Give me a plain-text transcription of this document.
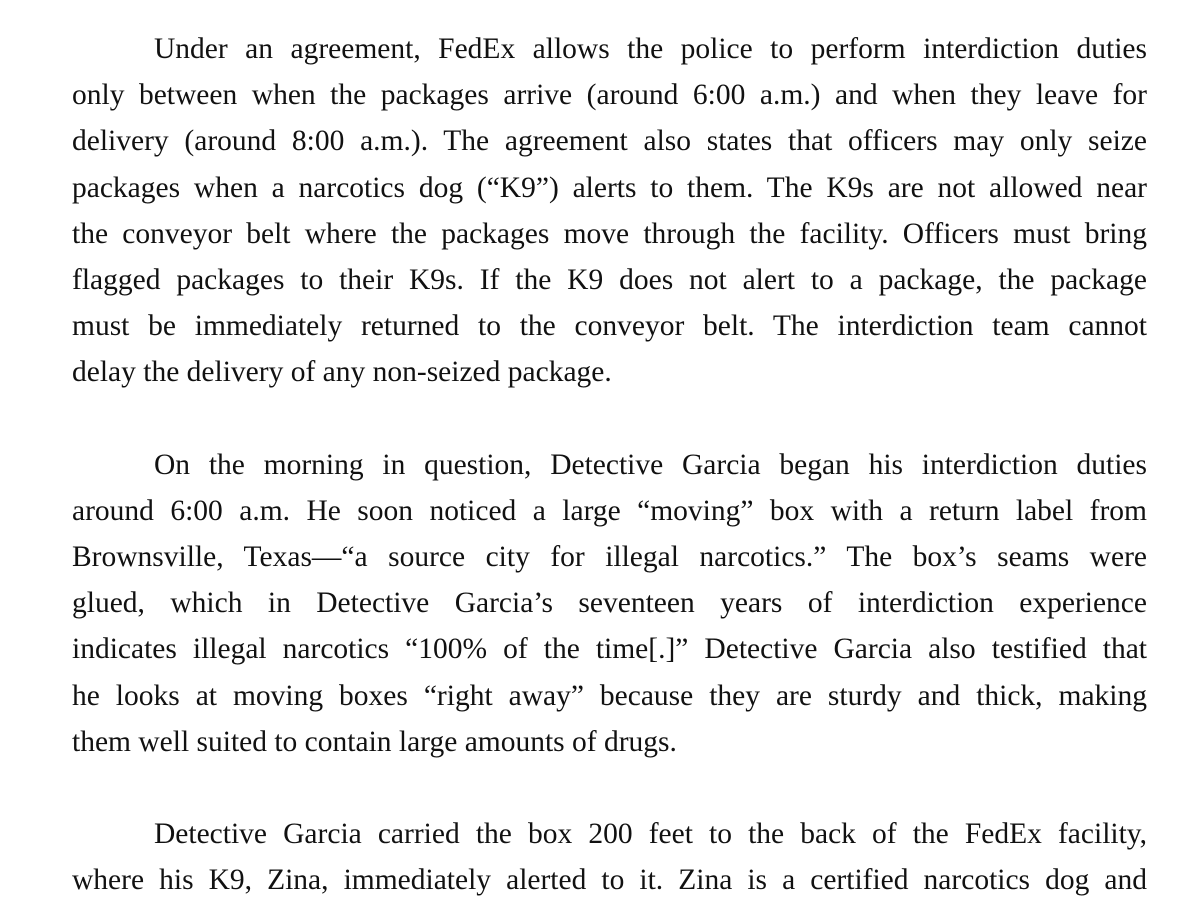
Under an agreement, FedEx allows the police to perform interdiction duties
only between when the packages arrive (around 6:00 a.m.) and when they leave for
delivery (around 8:00 a.m.). The agreement also states that officers may only seize
packages when a narcotics dog (“K9”) alerts to them. The K9s are not allowed near
the conveyor belt where the packages move through the facility. Officers must bring
flagged packages to their K9s. If the K9 does not alert to a package, the package
must be immediately returned to the conveyor belt. The interdiction team cannot
delay the delivery of any non-seized package.
On the morning in question, Detective Garcia began his interdiction duties
around 6:00 a.m. He soon noticed a large “moving” box with a return label from
Brownsville, Texas—“a source city for illegal narcotics.” The box’s seams were
glued, which in Detective Garcia’s seventeen years of interdiction experience
indicates illegal narcotics “100% of the time[.]” Detective Garcia also testified that
he looks at moving boxes “right away” because they are sturdy and thick, making
them well suited to contain large amounts of drugs.
Detective Garcia carried the box 200 feet to the back of the FedEx facility,
where his K9, Zina, immediately alerted to it. Zina is a certified narcotics dog and
